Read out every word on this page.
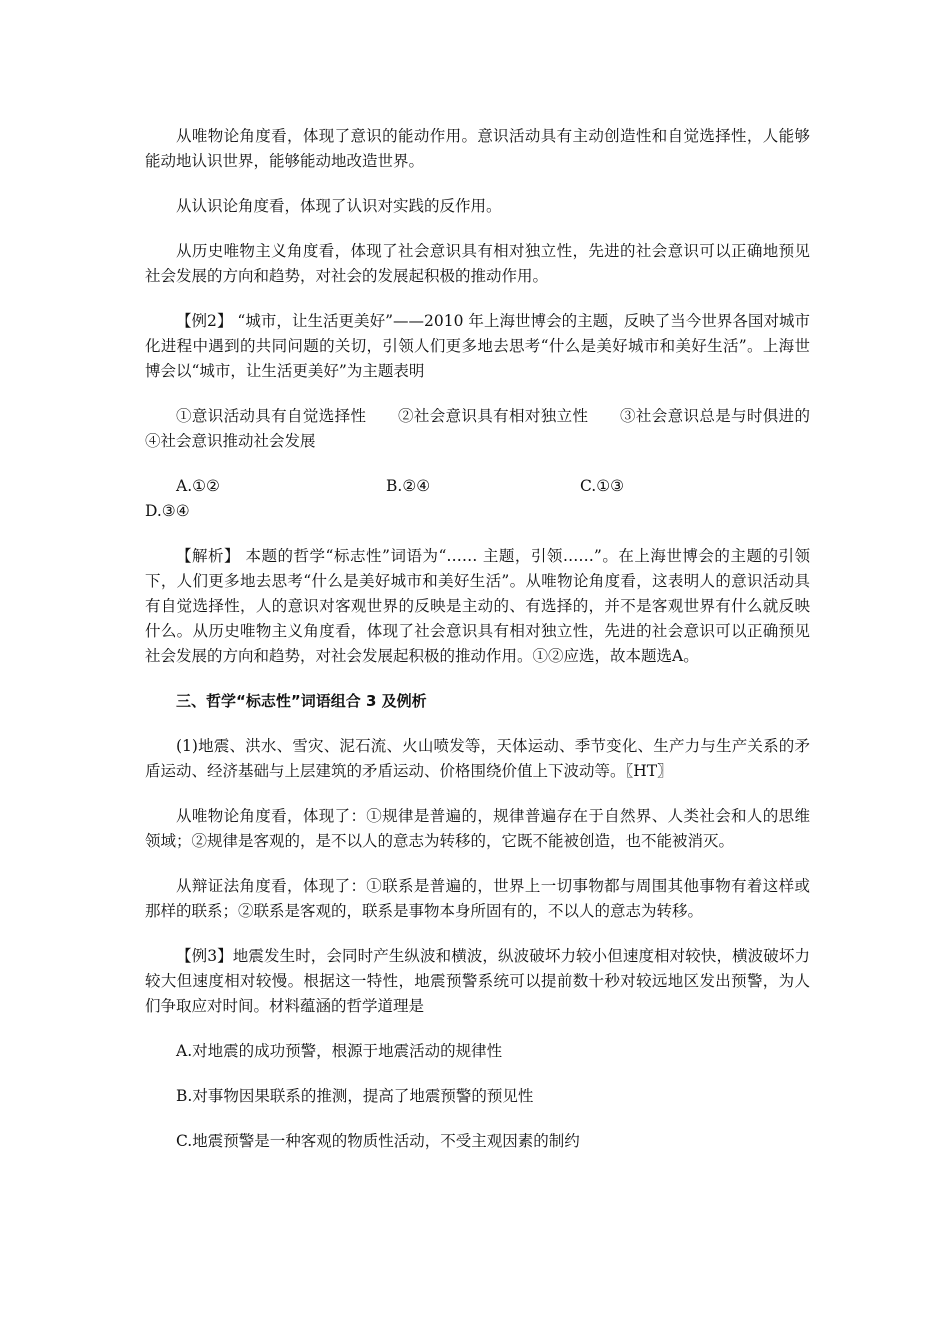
从唯物论角度看，体现了意识的能动作用。意识活动具有主动创造性和自觉选择性，人能够能动地认识世界，能够能动地改造世界。

从认识论角度看，体现了认识对实践的反作用。

从历史唯物主义角度看，体现了社会意识具有相对独立性，先进的社会意识可以正确地预见社会发展的方向和趋势，对社会的发展起积极的推动作用。

【例2】 “城市，让生活更美好”——2010 年上海世博会的主题，反映了当今世界各国对城市化进程中遇到的共同问题的关切，引领人们更多地去思考“什么是美好城市和美好生活”。上海世博会以“城市，让生活更美好”为主题表明

①意识活动具有自觉选择性　　②社会意识具有相对独立性　　③社会意识总是与时俱进的　　④社会意识推动社会发展

A.①②	B.②④	C.①③
D.③④

【解析】 本题的哲学“标志性”词语为“…… 主题，引领……”。在上海世博会的主题的引领下，人们更多地去思考“什么是美好城市和美好生活”。从唯物论角度看，这表明人的意识活动具有自觉选择性，人的意识对客观世界的反映是主动的、有选择的，并不是客观世界有什么就反映什么。从历史唯物主义角度看，体现了社会意识具有相对独立性，先进的社会意识可以正确预见社会发展的方向和趋势，对社会发展起积极的推动作用。①②应选，故本题选A。

三、哲学“标志性”词语组合 3 及例析

(1)地震、洪水、雪灾、泥石流、火山喷发等，天体运动、季节变化、生产力与生产关系的矛盾运动、经济基础与上层建筑的矛盾运动、价格围绕价值上下波动等。〖HT〗

从唯物论角度看，体现了：①规律是普遍的，规律普遍存在于自然界、人类社会和人的思维领域；②规律是客观的，是不以人的意志为转移的，它既不能被创造，也不能被消灭。

从辩证法角度看，体现了：①联系是普遍的，世界上一切事物都与周围其他事物有着这样或那样的联系；②联系是客观的，联系是事物本身所固有的，不以人的意志为转移。

【例3】地震发生时，会同时产生纵波和横波，纵波破坏力较小但速度相对较快，横波破坏力较大但速度相对较慢。根据这一特性，地震预警系统可以提前数十秒对较远地区发出预警，为人们争取应对时间。材料蕴涵的哲学道理是

A.对地震的成功预警，根源于地震活动的规律性

B.对事物因果联系的推测，提高了地震预警的预见性

C.地震预警是一种客观的物质性活动，不受主观因素的制约
